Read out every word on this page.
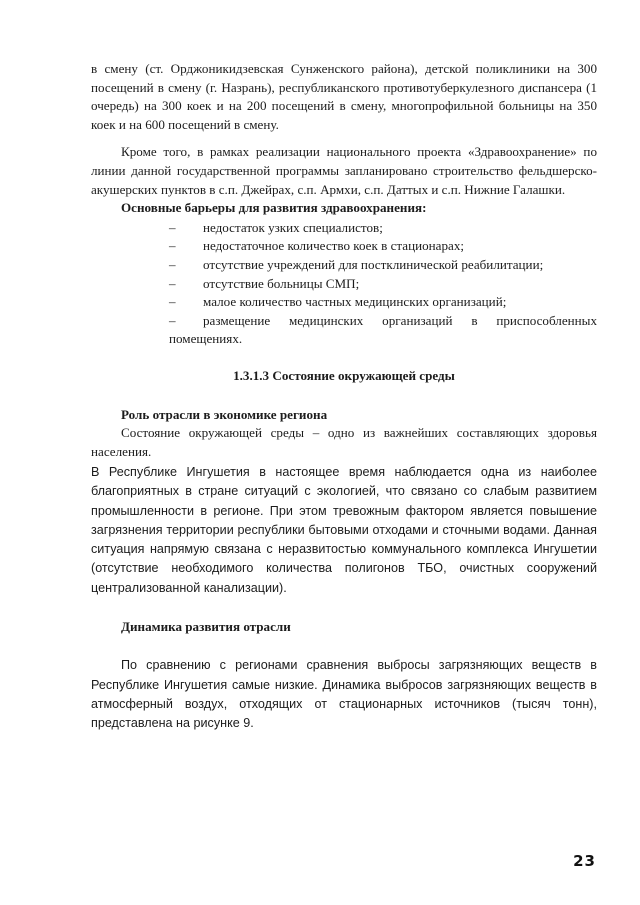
в смену (ст. Орджоникидзевская Сунженского района), детской поликлиники на 300 посещений в смену (г. Назрань), республиканского противотуберкулезного диспансера (1 очередь) на 300 коек и на 200 посещений в смену, многопрофильной больницы на 350 коек и на 600 посещений в смену.

Кроме того, в рамках реализации национального проекта «Здравоохранение» по линии данной государственной программы запланировано строительство фельдшерско-акушерских пунктов в с.п. Джейрах, с.п. Армхи, с.п. Даттых и с.п. Нижние Галашки.

Основные барьеры для развития здравоохранения:

–	недостаток узких специалистов;
–	недостаточное количество коек в стационарах;
–	отсутствие учреждений для постклинической реабилитации;
–	отсутствие больницы СМП;
–	малое количество частных медицинских организаций;
–	размещение медицинских организаций в приспособленных
помещениях.

1.3.1.3 Состояние окружающей среды

Роль отрасли в экономике региона

Состояние окружающей среды – одно из важнейших составляющих здоровья населения.

В Республике Ингушетия в настоящее время наблюдается одна из наиболее благоприятных в стране ситуаций с экологией, что связано со слабым развитием промышленности в регионе. При этом тревожным фактором является повышение загрязнения территории республики бытовыми отходами и сточными водами. Данная ситуация напрямую связана с неразвитостью коммунального комплекса Ингушетии (отсутствие необходимого количества полигонов ТБО, очистных сооружений централизованной канализации).

Динамика развития отрасли

По сравнению с регионами сравнения выбросы загрязняющих веществ в Республике Ингушетия самые низкие. Динамика выбросов загрязняющих веществ в атмосферный воздух, отходящих от стационарных источников (тысяч тонн), представлена на рисунке 9.

23
